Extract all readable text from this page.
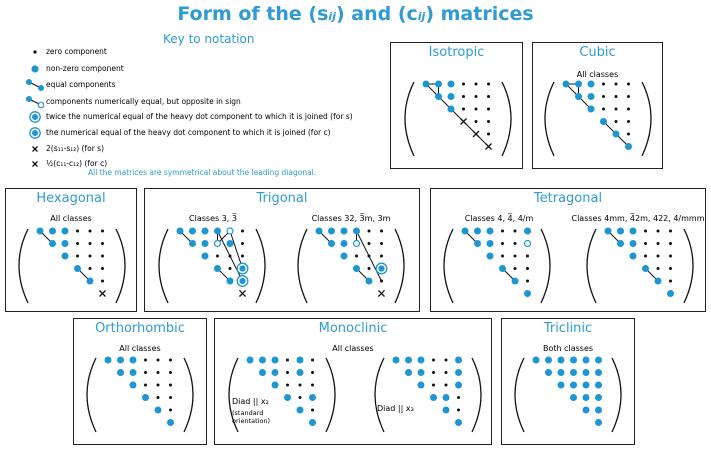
Form of the (sij) and (cij) matrices
Key to notation
zero component
non-zero component
equal components
components numerically equal, but opposite in sign
twice the numerical equal of the heavy dot component to which it is joined (for s)
the numerical equal of the heavy dot component to which it is joined (for c)
2(s₁₁-s₁₂) (for s)
½(c₁₁-c₁₂) (for c)
All the matrices are symmetrical about the leading diagonal.
Isotropic	Cubic
All classes
Hexagonal
All classes
Trigonal
Classes 3, 3̅	Classes 32, 3̅m, 3m
Tetragonal
Classes 4, 4̅, 4/m	Classes 4mm, 4̅2m, 422, 4/mmm
Orthorhombic
All classes
Monoclinic
All classes
Diad || x₂
(standard
orientation)
Diad || x₃
Triclinic
Both classes
